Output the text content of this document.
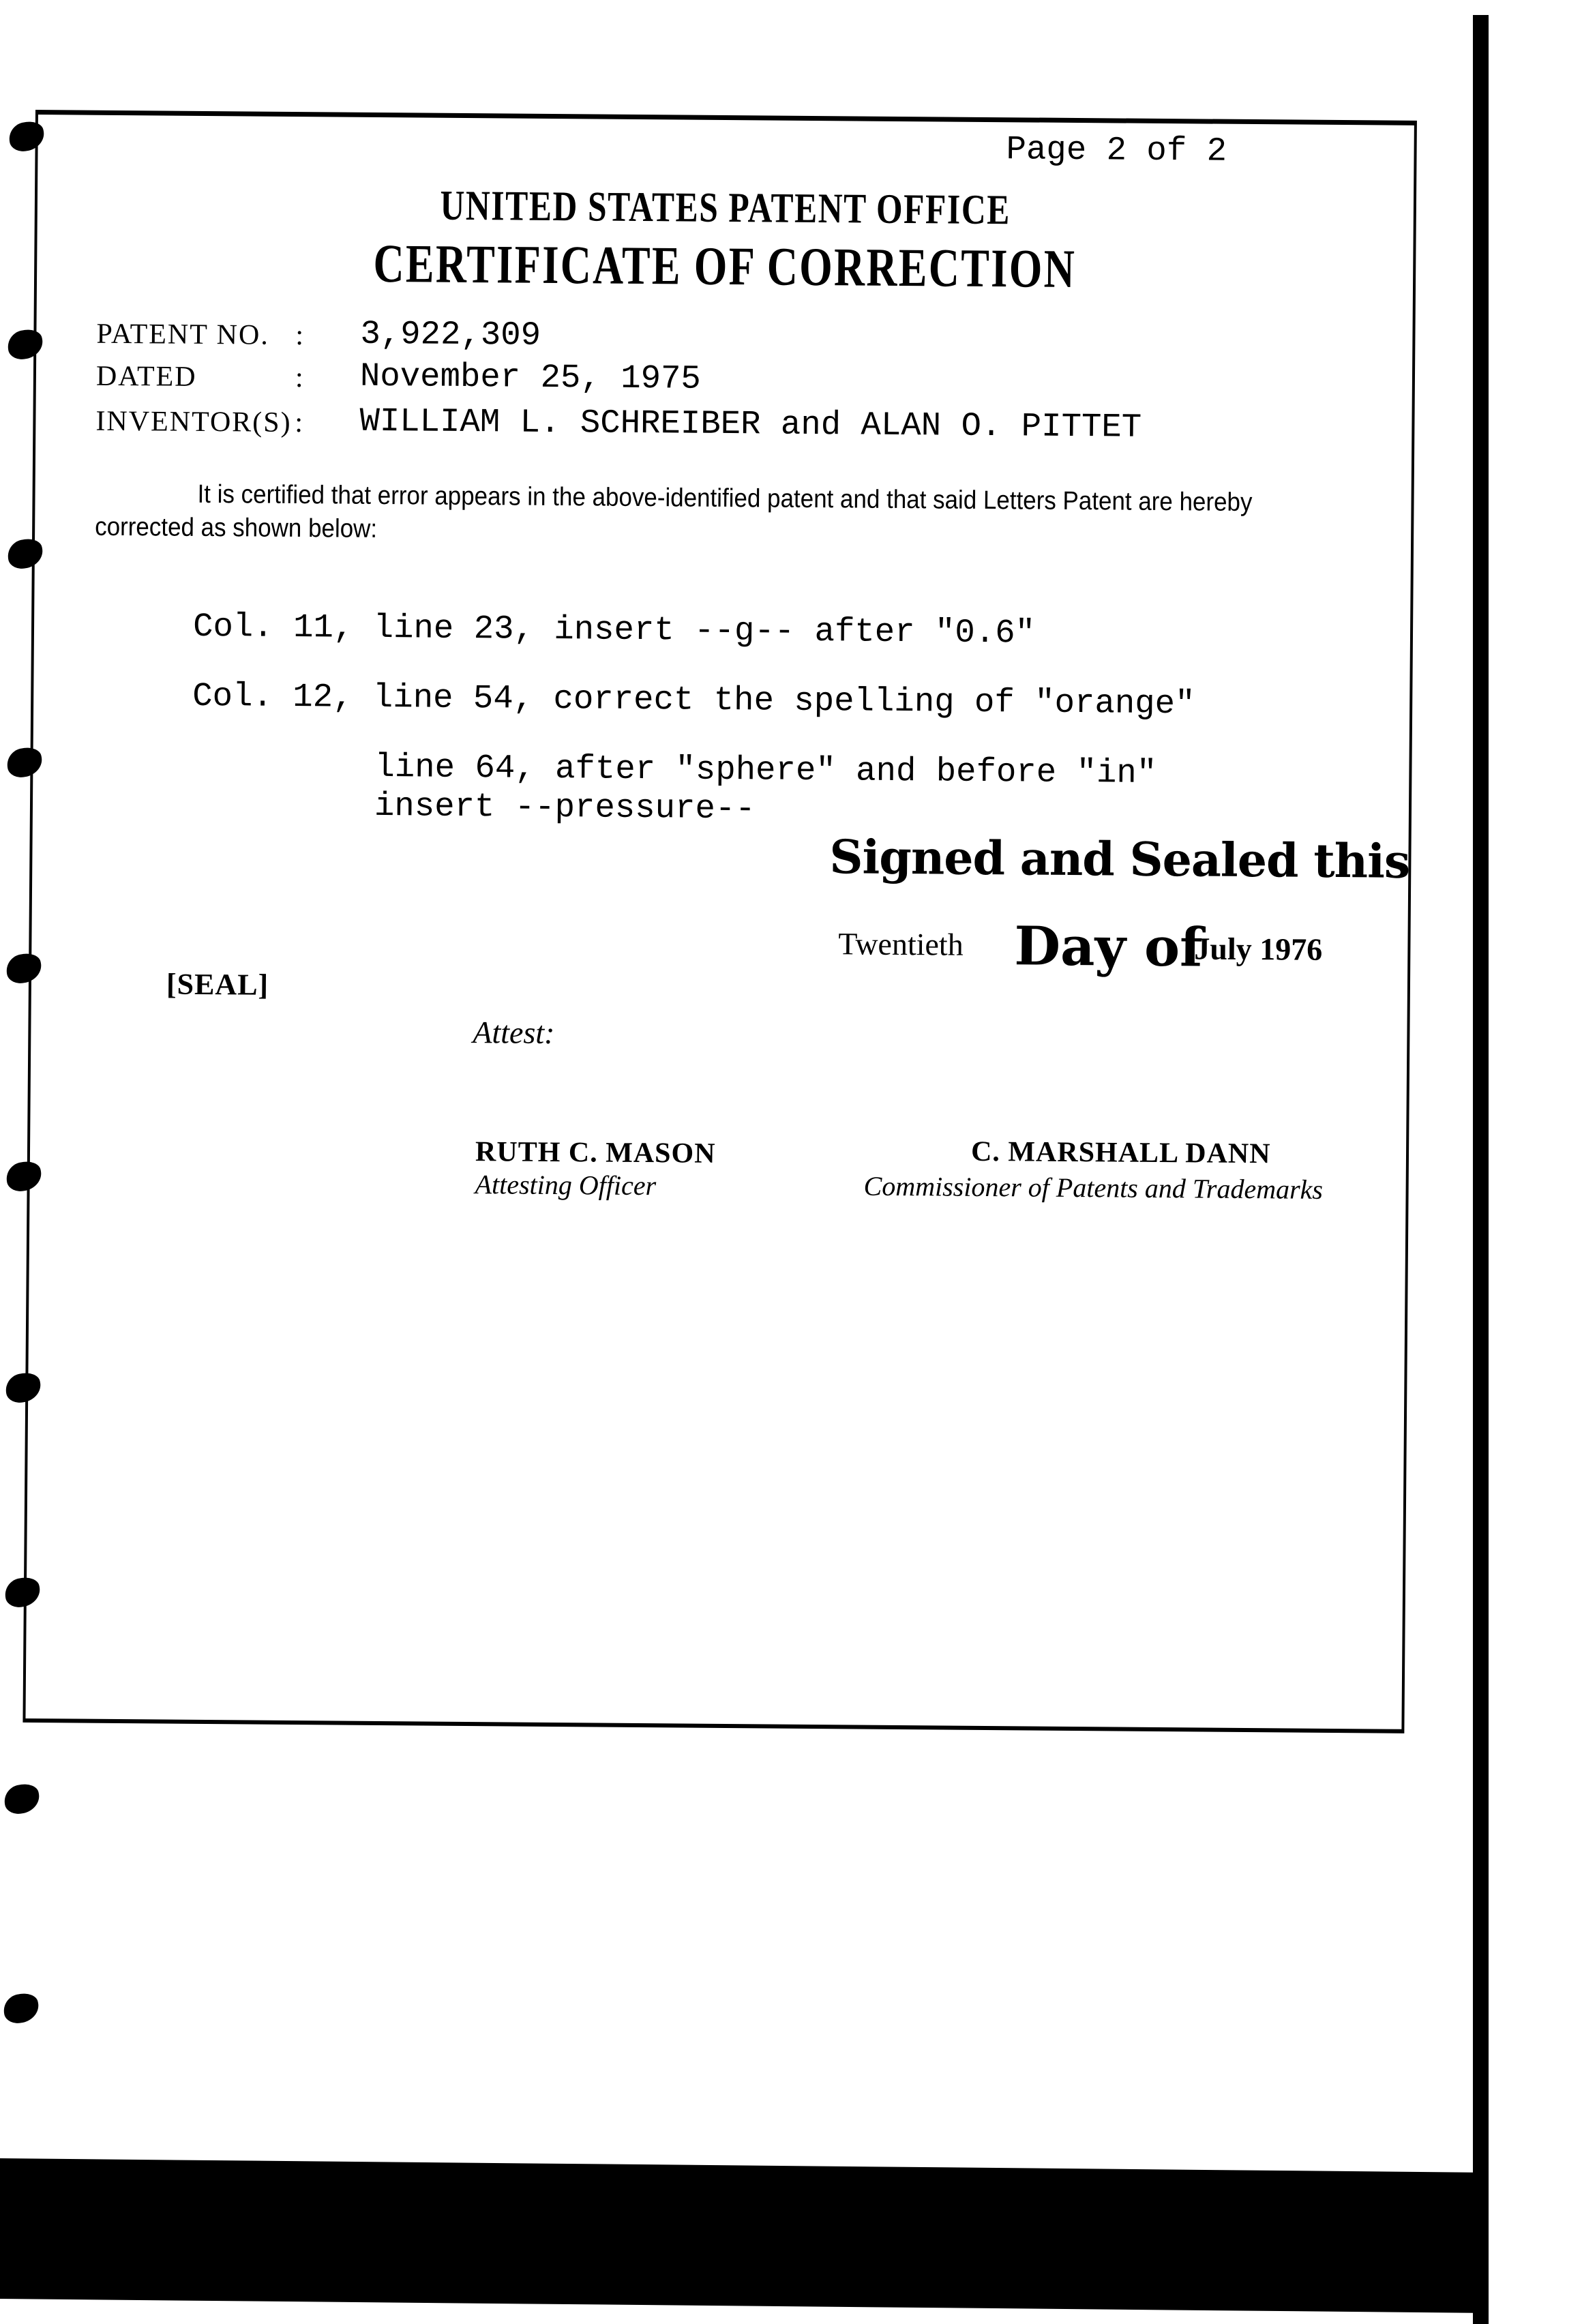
Page 2 of 2
UNITED STATES PATENT OFFICE
CERTIFICATE OF CORRECTION
PATENT NO. : 3,922,309
DATED	: November 25, 1975
INVENTOR(S) : WILLIAM L. SCHREIBER and ALAN O. PITTET
It is certified that error appears in the above-identified patent and that said Letters Patent are hereby corrected as shown below:
Col. 11, line 23, insert --g-- after "0.6"
Col. 12, line 54, correct the spelling of "orange"
line 64, after "sphere" and before "in"
insert --pressure--
Signed and Sealed this
Twentieth Day of
July 1976
[SEAL]
Attest:
RUTH C. MASON
Attesting Officer
C. MARSHALL DANN
Commissioner of Patents and Trademarks
